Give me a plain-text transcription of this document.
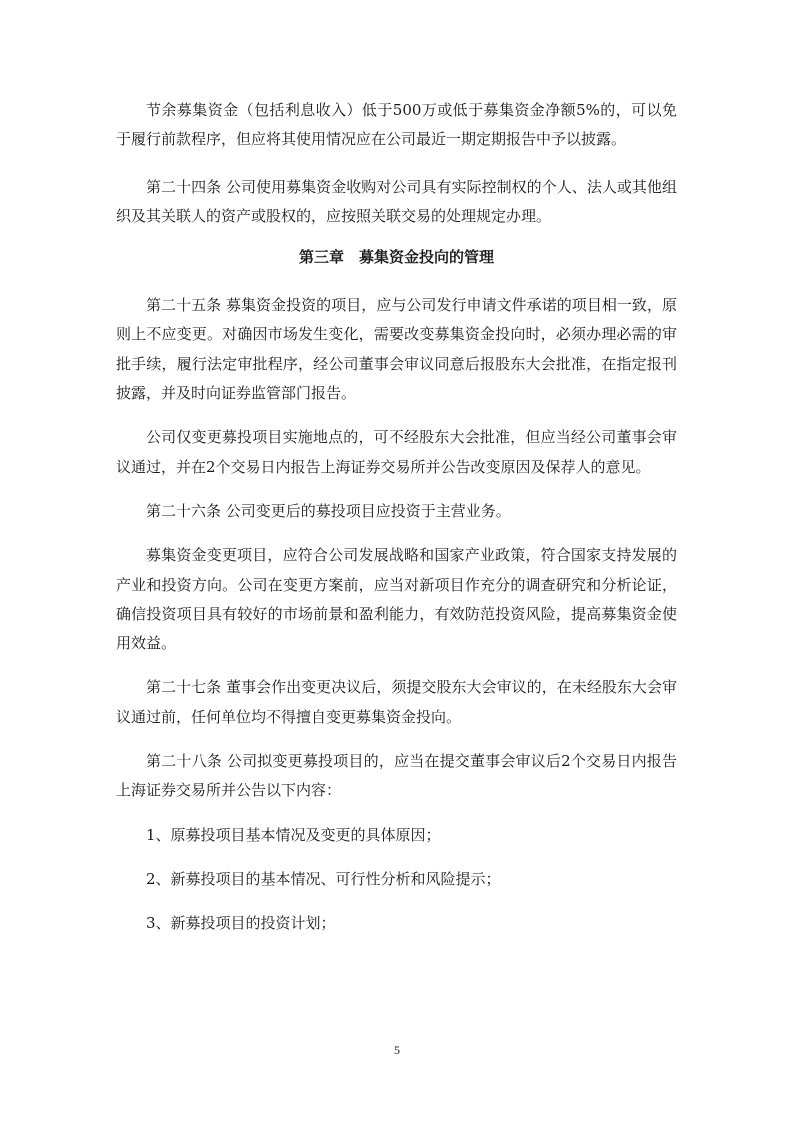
节余募集资金（包括利息收入）低于500万或低于募集资金净额5%的，可以免于履行前款程序，但应将其使用情况应在公司最近一期定期报告中予以披露。

第二十四条 公司使用募集资金收购对公司具有实际控制权的个人、法人或其他组织及其关联人的资产或股权的，应按照关联交易的处理规定办理。

第三章　募集资金投向的管理

第二十五条 募集资金投资的项目，应与公司发行申请文件承诺的项目相一致，原则上不应变更。对确因市场发生变化，需要改变募集资金投向时，必须办理必需的审批手续，履行法定审批程序，经公司董事会审议同意后报股东大会批准，在指定报刊披露，并及时向证券监管部门报告。

公司仅变更募投项目实施地点的，可不经股东大会批准，但应当经公司董事会审议通过，并在2个交易日内报告上海证券交易所并公告改变原因及保荐人的意见。

第二十六条 公司变更后的募投项目应投资于主营业务。

募集资金变更项目，应符合公司发展战略和国家产业政策，符合国家支持发展的产业和投资方向。公司在变更方案前，应当对新项目作充分的调查研究和分析论证，确信投资项目具有较好的市场前景和盈利能力，有效防范投资风险，提高募集资金使用效益。

第二十七条 董事会作出变更决议后，须提交股东大会审议的，在未经股东大会审议通过前，任何单位均不得擅自变更募集资金投向。

第二十八条 公司拟变更募投项目的，应当在提交董事会审议后2个交易日内报告上海证券交易所并公告以下内容：

1、原募投项目基本情况及变更的具体原因；

2、新募投项目的基本情况、可行性分析和风险提示；

3、新募投项目的投资计划；

5
